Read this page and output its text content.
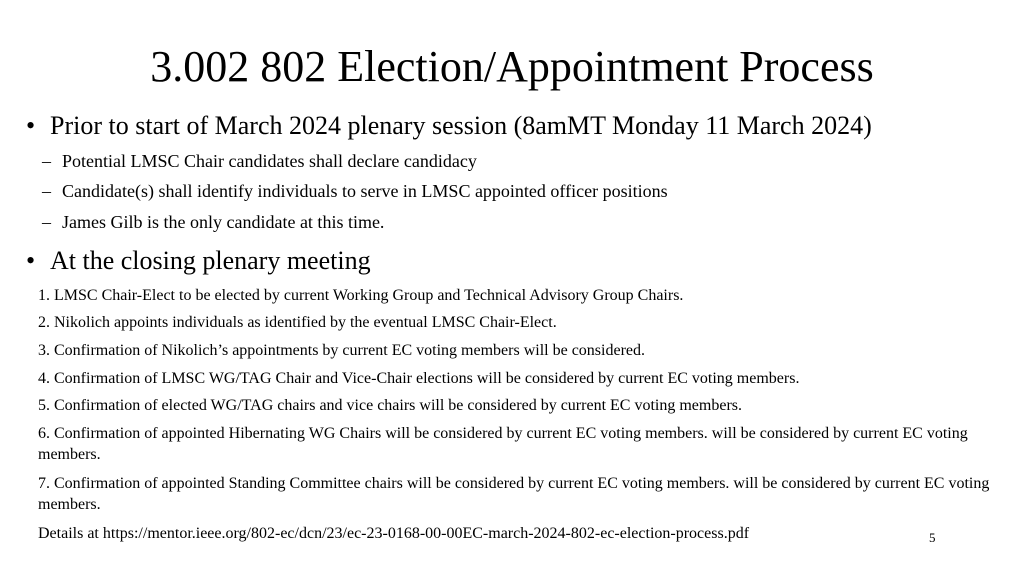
3.002 802 Election/Appointment Process
• Prior to start of March 2024 plenary session (8amMT Monday 11 March 2024)
– Potential LMSC Chair candidates shall declare candidacy
– Candidate(s) shall identify individuals to serve in LMSC appointed officer positions
– James Gilb is the only candidate at this time.
• At the closing plenary meeting
1. LMSC Chair-Elect to be elected by current Working Group and Technical Advisory Group Chairs.
2. Nikolich appoints individuals as identified by the eventual LMSC Chair-Elect.
3. Confirmation of Nikolich’s appointments by current EC voting members will be considered.
4. Confirmation of LMSC WG/TAG Chair and Vice-Chair elections will be considered by current EC voting members.
5. Confirmation of elected WG/TAG chairs and vice chairs will be considered by current EC voting members.
6. Confirmation of appointed Hibernating WG Chairs will be considered by current EC voting members. will be considered by current EC voting members.
7. Confirmation of appointed Standing Committee chairs will be considered by current EC voting members. will be considered by current EC voting members.
Details at https://mentor.ieee.org/802-ec/dcn/23/ec-23-0168-00-00EC-march-2024-802-ec-election-process.pdf	5
